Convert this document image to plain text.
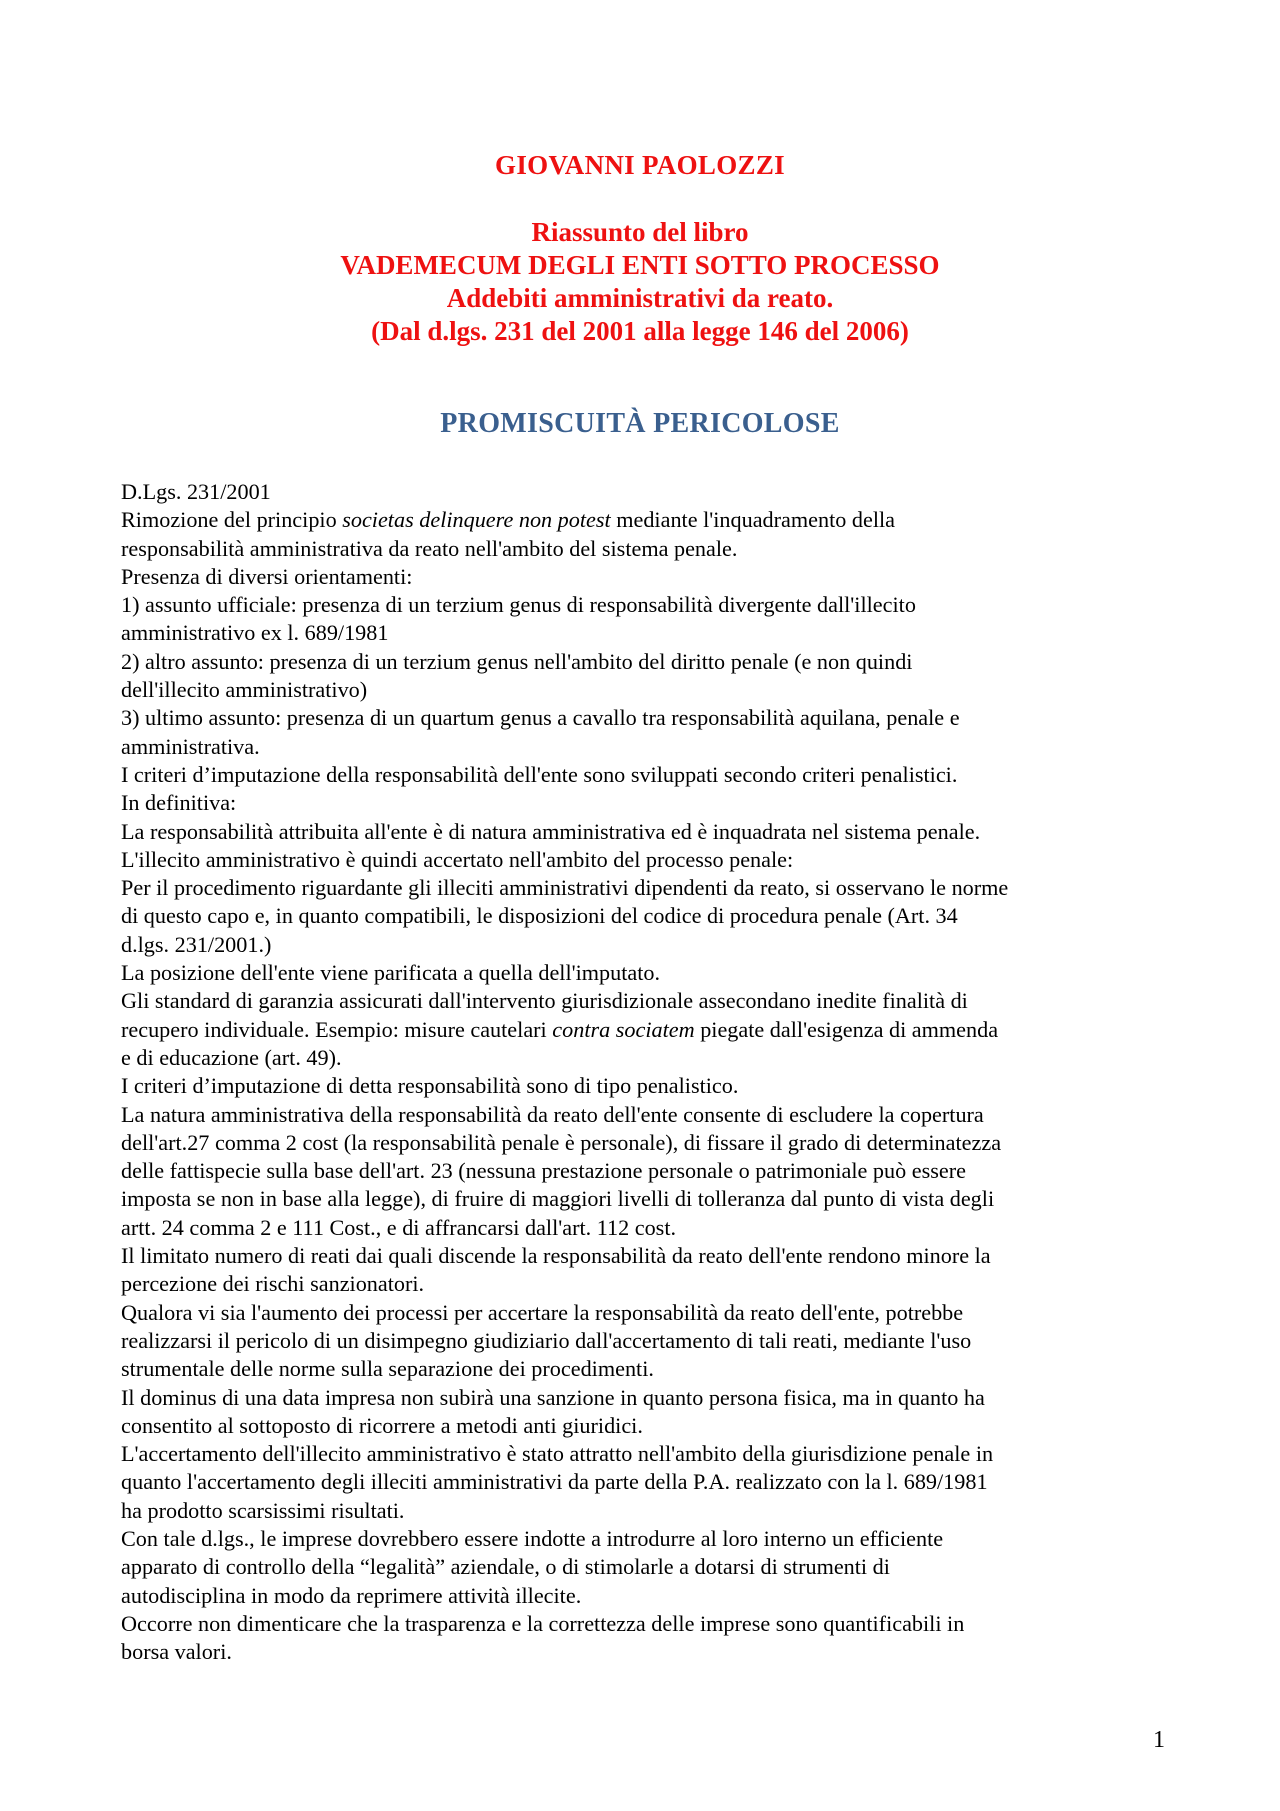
GIOVANNI PAOLOZZI
Riassunto del libro
VADEMECUM DEGLI ENTI SOTTO PROCESSO
Addebiti amministrativi da reato.
(Dal d.lgs. 231 del 2001 alla legge 146 del 2006)
PROMISCUITÀ PERICOLOSE

D.Lgs. 231/2001

Rimozione del principio societas delinquere non potest mediante l'inquadramento della

responsabilità amministrativa da reato nell'ambito del sistema penale.

Presenza di diversi orientamenti:

1) assunto ufficiale: presenza di un terzium genus di responsabilità divergente dall'illecito

amministrativo ex l. 689/1981

2) altro assunto: presenza di un terzium genus nell'ambito del diritto penale (e non quindi

dell'illecito amministrativo)

3) ultimo assunto: presenza di un quartum genus a cavallo tra responsabilità aquilana, penale e

amministrativa.

I criteri d’imputazione della responsabilità dell'ente sono sviluppati secondo criteri penalistici.

In definitiva:

La responsabilità attribuita all'ente è di natura amministrativa ed è inquadrata nel sistema penale.

L'illecito amministrativo è quindi accertato nell'ambito del processo penale:

Per il procedimento riguardante gli illeciti amministrativi dipendenti da reato, si osservano le norme

di questo capo e, in quanto compatibili, le disposizioni del codice di procedura penale (Art. 34

d.lgs. 231/2001.)

La posizione dell'ente viene parificata a quella dell'imputato.

Gli standard di garanzia assicurati dall'intervento giurisdizionale assecondano inedite finalità di

recupero individuale. Esempio: misure cautelari contra sociatem piegate dall'esigenza di ammenda

e di educazione (art. 49).

I criteri d’imputazione di detta responsabilità sono di tipo penalistico.

La natura amministrativa della responsabilità da reato dell'ente consente di escludere la copertura

dell'art.27 comma 2 cost (la responsabilità penale è personale), di fissare il grado di determinatezza

delle fattispecie sulla base dell'art. 23 (nessuna prestazione personale o patrimoniale può essere

imposta se non in base alla legge), di fruire di maggiori livelli di tolleranza dal punto di vista degli

artt. 24 comma 2 e 111 Cost., e di affrancarsi dall'art. 112 cost.

Il limitato numero di reati dai quali discende la responsabilità da reato dell'ente rendono minore la

percezione dei rischi sanzionatori.

Qualora vi sia l'aumento dei processi per accertare la responsabilità da reato dell'ente, potrebbe

realizzarsi il pericolo di un disimpegno giudiziario dall'accertamento di tali reati, mediante l'uso

strumentale delle norme sulla separazione dei procedimenti.

Il dominus di una data impresa non subirà una sanzione in quanto persona fisica, ma in quanto ha

consentito al sottoposto di ricorrere a metodi anti giuridici.

L'accertamento dell'illecito amministrativo è stato attratto nell'ambito della giurisdizione penale in

quanto l'accertamento degli illeciti amministrativi da parte della P.A. realizzato con la l. 689/1981

ha prodotto scarsissimi risultati.

Con tale d.lgs., le imprese dovrebbero essere indotte a introdurre al loro interno un efficiente

apparato di controllo della “legalità” aziendale, o di stimolarle a dotarsi di strumenti di

autodisciplina in modo da reprimere attività illecite.

Occorre non dimenticare che la trasparenza e la correttezza delle imprese sono quantificabili in

borsa valori.

1
